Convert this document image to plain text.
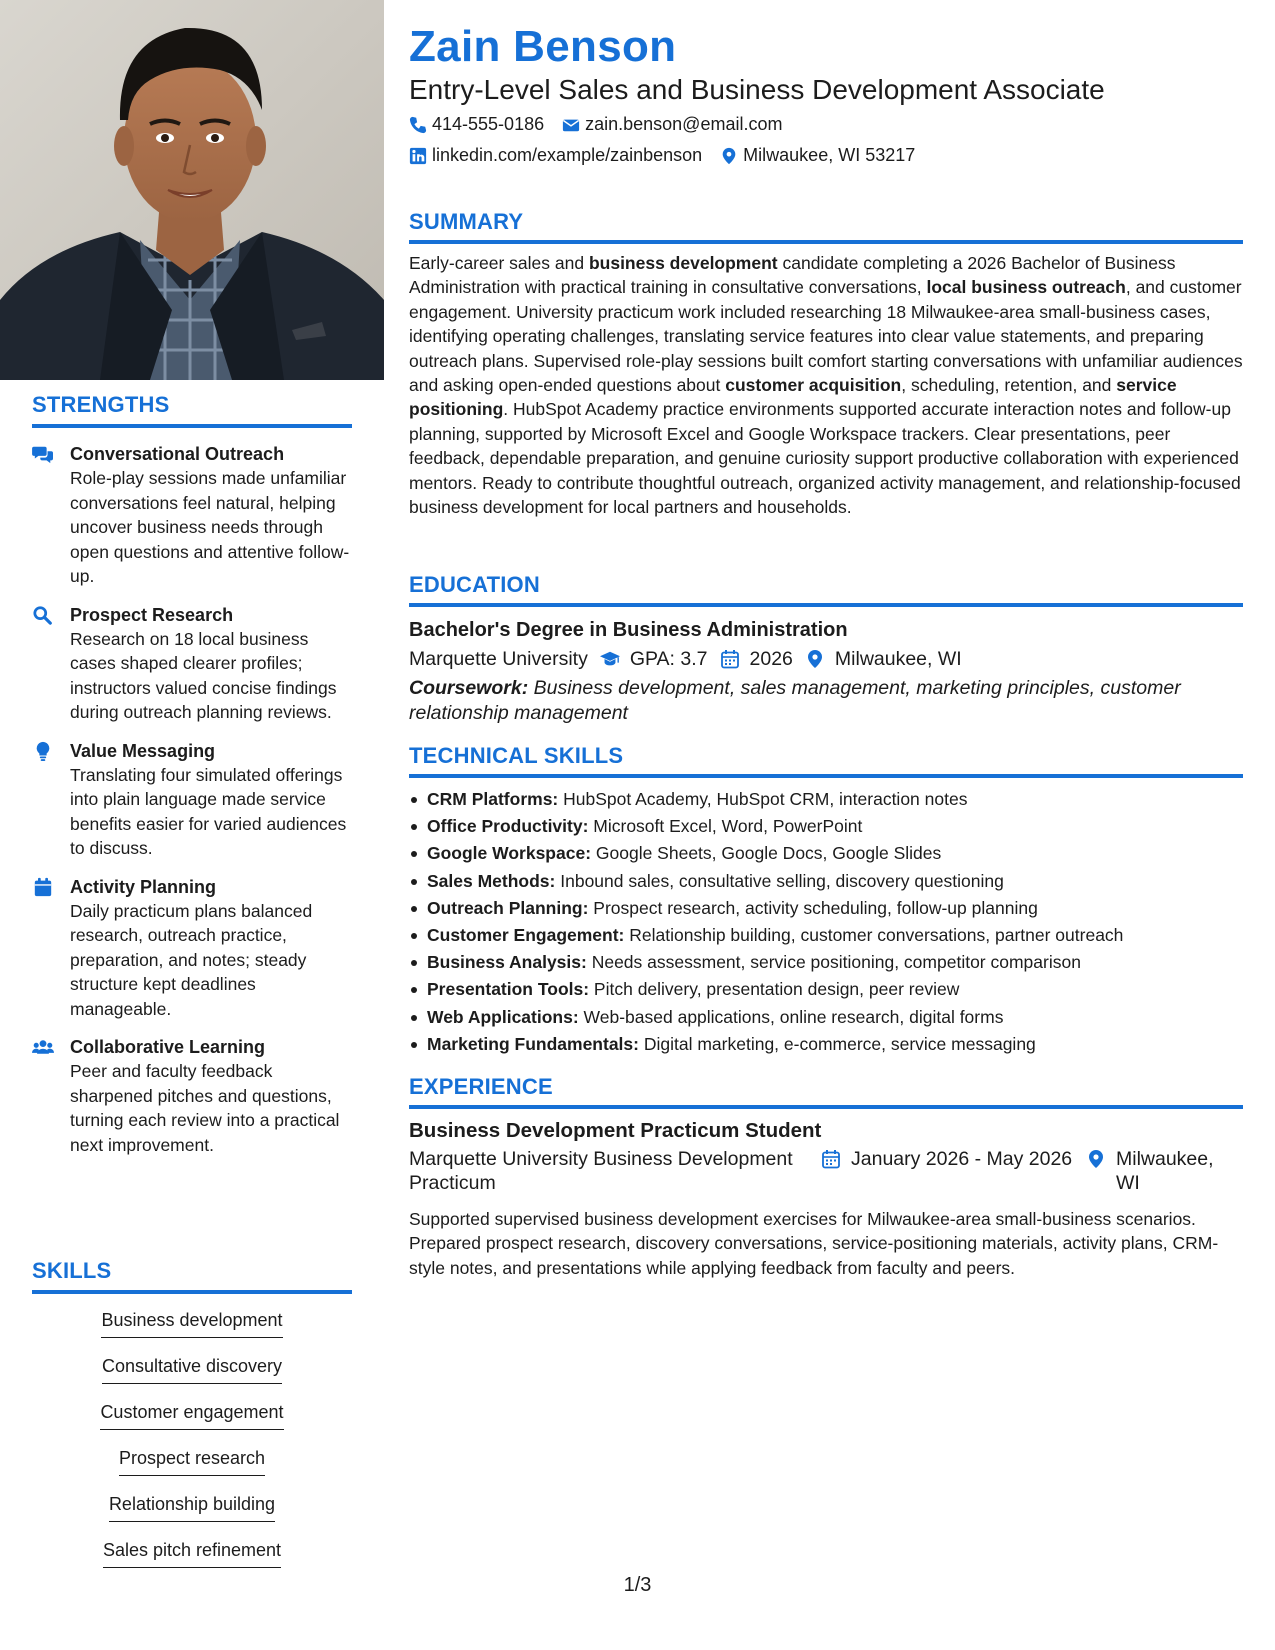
STRENGTHS
Conversational Outreach
Role-play sessions made unfamiliar conversations feel natural, helping uncover business needs through open questions and attentive follow-up.
Prospect Research
Research on 18 local business cases shaped clearer profiles; instructors valued concise findings during outreach planning reviews.
Value Messaging
Translating four simulated offerings into plain language made service benefits easier for varied audiences to discuss.
Activity Planning
Daily practicum plans balanced research, outreach practice, preparation, and notes; steady structure kept deadlines manageable.
Collaborative Learning
Peer and faculty feedback sharpened pitches and questions, turning each review into a practical next improvement.
SKILLS
Business development
Consultative discovery
Customer engagement
Prospect research
Relationship building
Sales pitch refinement
Zain Benson
Entry-Level Sales and Business Development Associate
414-555-0186 zain.benson@email.com
linkedin.com/example/zainbenson Milwaukee, WI 53217
SUMMARY

Early-career sales and business development candidate completing a 2026 Bachelor of Business Administration with practical training in consultative conversations, local business outreach, and customer engagement. University practicum work included researching 18 Milwaukee-area small-business cases, identifying operating challenges, translating service features into clear value statements, and preparing outreach plans. Supervised role-play sessions built comfort starting conversations with unfamiliar audiences and asking open-ended questions about customer acquisition, scheduling, retention, and service positioning. HubSpot Academy practice environments supported accurate interaction notes and follow-up planning, supported by Microsoft Excel and Google Workspace trackers. Clear presentations, peer feedback, dependable preparation, and genuine curiosity support productive collaboration with experienced mentors. Ready to contribute thoughtful outreach, organized activity management, and relationship-focused business development for local partners and households.

EDUCATION
Bachelor's Degree in Business Administration
Marquette University GPA: 3.7 2026 Milwaukee, WI
Coursework: Business development, sales management, marketing principles, customer relationship management
TECHNICAL SKILLS
CRM Platforms: HubSpot Academy, HubSpot CRM, interaction notes
Office Productivity: Microsoft Excel, Word, PowerPoint
Google Workspace: Google Sheets, Google Docs, Google Slides
Sales Methods: Inbound sales, consultative selling, discovery questioning
Outreach Planning: Prospect research, activity scheduling, follow-up planning
Customer Engagement: Relationship building, customer conversations, partner outreach
Business Analysis: Needs assessment, service positioning, competitor comparison
Presentation Tools: Pitch delivery, presentation design, peer review
Web Applications: Web-based applications, online research, digital forms
Marketing Fundamentals: Digital marketing, e-commerce, service messaging
EXPERIENCE
Business Development Practicum Student
Marquette University Business Development Practicum
January 2026 - May 2026 Milwaukee, WI

Supported supervised business development exercises for Milwaukee-area small-business scenarios. Prepared prospect research, discovery conversations, service-positioning materials, activity plans, CRM-style notes, and presentations while applying feedback from faculty and peers.

1/3
